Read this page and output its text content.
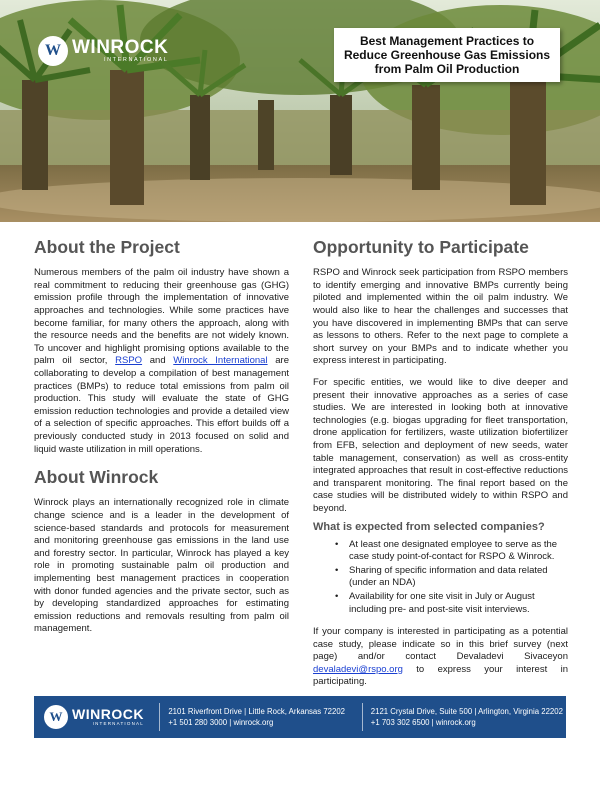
W WINROCK
INTERNATIONAL
Best Management Practices to Reduce Greenhouse Gas Emissions from Palm Oil Production
About the Project

Numerous members of the palm oil industry have shown a real commitment to reducing their greenhouse gas (GHG) emission profile through the implementation of innovative approaches and technologies. While some practices have become familiar, for many others the approach, along with the resource needs and the benefits are not widely known. To uncover and highlight promising options available to the palm oil sector, RSPO and Winrock International are collaborating to develop a compilation of best management practices (BMPs) to reduce total emissions from palm oil production. This study will evaluate the state of GHG emission reduction technologies and provide a detailed view of a selection of specific approaches. This effort builds off a previously conducted study in 2013 focused on solid and liquid waste utilization in mill operations.

About Winrock

Winrock plays an internationally recognized role in climate change science and is a leader in the development of science-based standards and protocols for measurement and monitoring greenhouse gas emissions in the land use and forestry sector. In particular, Winrock has played a key role in promoting sustainable palm oil production and implementing best management practices in cooperation with donor funded agencies and the private sector, such as by developing standardized approaches for estimating emission reductions and removals resulting from palm oil management.

Opportunity to Participate

RSPO and Winrock seek participation from RSPO members to identify emerging and innovative BMPs currently being piloted and implemented within the oil palm industry. We would also like to hear the challenges and successes that you have discovered in implementing BMPs that can serve as lessons to others. Refer to the next page to complete a short survey on your BMPs and to indicate whether you express interest in participating.

For specific entities, we would like to dive deeper and present their innovative approaches as a series of case studies. We are interested in looking both at innovative technologies (e.g. biogas upgrading for fleet transportation, drone application for fertilizers, waste utilization biofertilizer from EFB, selection and deployment of new seeds, water table management, conservation) as well as cross-entity integrated approaches that result in cost-effective reductions and transparent monitoring. The final report based on the case studies will be distributed widely to within RSPO and beyond.

What is expected from selected companies?
• At least one designated employee to serve as the case study point-of-contact for RSPO & Winrock.
• Sharing of specific information and data related (under an NDA)
• Availability for one site visit in July or August including pre- and post-site visit interviews.

If your company is interested in participating as a potential case study, please indicate so in this brief survey (next page) and/or contact Devaladevi Sivaceyon devaladevi@rspo.org to express your interest in participating.

W WINROCK
INTERNATIONAL
2101 Riverfront Drive | Little Rock, Arkansas 72202
+1 501 280 3000 | winrock.org
2121 Crystal Drive, Suite 500 | Arlington, Virginia 22202
+1 703 302 6500 | winrock.org
